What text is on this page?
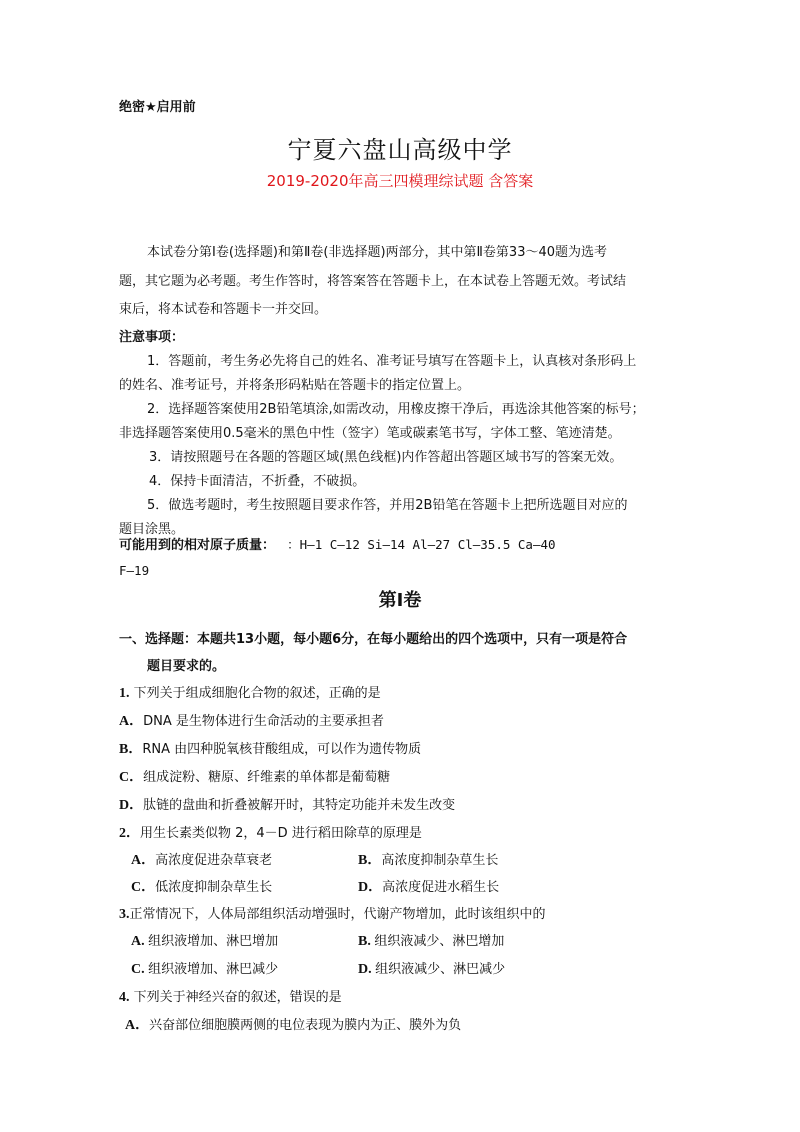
绝密★启用前
宁夏六盘山高级中学
2019-2020年高三四模理综试题 含答案
本试卷分第Ⅰ卷(选择题)和第Ⅱ卷(非选择题)两部分，其中第Ⅱ卷第33～40题为选考
题，其它题为必考题。考生作答时，将答案答在答题卡上，在本试卷上答题无效。考试结
束后，将本试卷和答题卡一并交回。
注意事项：
1．答题前，考生务必先将自己的姓名、准考证号填写在答题卡上，认真核对条形码上
的姓名、准考证号，并将条形码粘贴在答题卡的指定位置上。
2．选择题答案使用2B铅笔填涂,如需改动，用橡皮擦干净后，再选涂其他答案的标号；
非选择题答案使用0.5毫米的黑色中性（签字）笔或碳素笔书写，字体工整、笔迹清楚。
3．请按照题号在各题的答题区域(黑色线框)内作答超出答题区域书写的答案无效。
4．保持卡面清洁，不折叠，不破损。
5．做选考题时，考生按照题目要求作答，并用2B铅笔在答题卡上把所选题目对应的
题目涂黑。
可能用到的相对原子质量： ：H—1 C—12 Si—14 Al—27 Cl—35.5 Ca—40
F—19
第Ⅰ卷
一、选择题：本题共13小题，每小题6分，在每小题给出的四个选项中，只有一项是符合
题目要求的。
1. 下列关于组成细胞化合物的叙述，正确的是
A．DNA 是生物体进行生命活动的主要承担者
B．RNA 由四种脱氧核苷酸组成，可以作为遗传物质
C．组成淀粉、糖原、纤维素的单体都是葡萄糖
D．肽链的盘曲和折叠被解开时，其特定功能并未发生改变
2．用生长素类似物 2，4－D 进行稻田除草的原理是
A．高浓度促进杂草衰老	B．高浓度抑制杂草生长
C．低浓度抑制杂草生长	D．高浓度促进水稻生长
3.正常情况下，人体局部组织活动增强时，代谢产物增加，此时该组织中的
A. 组织液增加、淋巴增加	B. 组织液减少、淋巴增加
C. 组织液增加、淋巴减少	D. 组织液减少、淋巴减少
4. 下列关于神经兴奋的叙述，错误的是
A．兴奋部位细胞膜两侧的电位表现为膜内为正、膜外为负
